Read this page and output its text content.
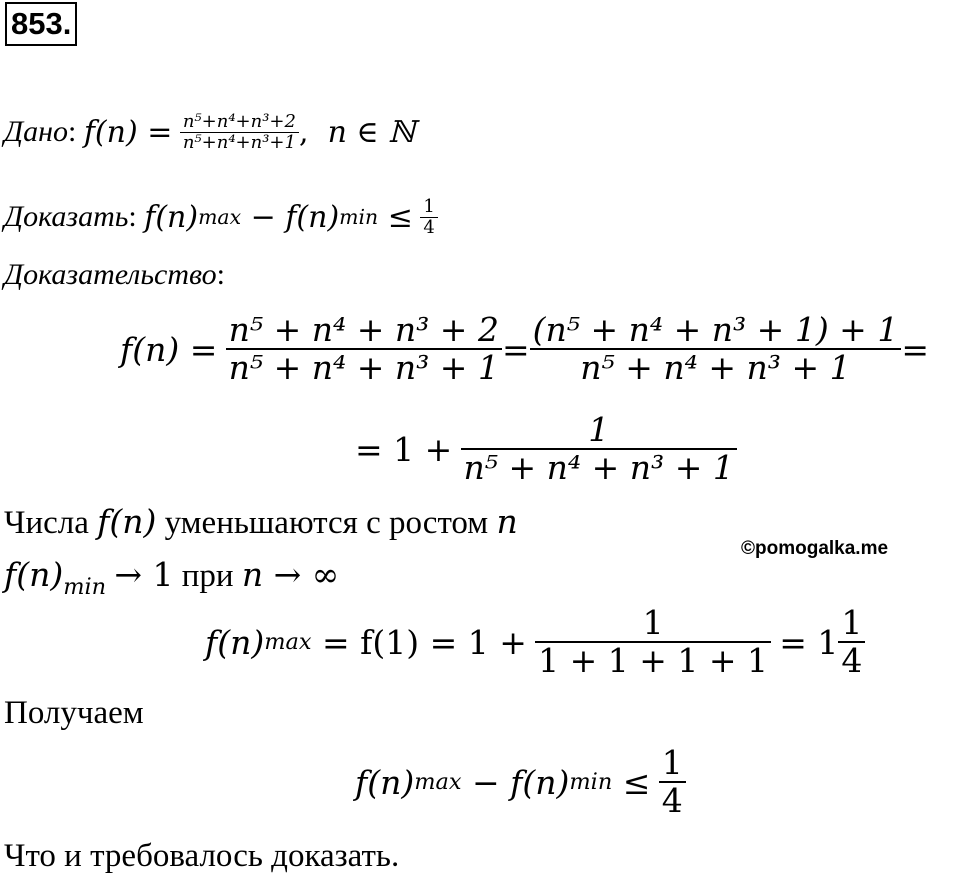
853.
Дано : f(n) =
$\frac{\text{n⁵+n⁴+n³+2}}{\text{n⁵+n⁴+n³+1}}$ , n ∈ ℕ
Доказать : f(n) max
− f(n) min
≤
$\frac{1}{4}$
Доказательство:
f(n) =
$\frac{\text{n⁵ + n⁴ + n³ + 2}}{\text{n⁵ + n⁴ + n³ + 1}} = \frac{\text{(n⁵ + n⁴ + n³ + 1) + 1}}{\text{n⁵ + n⁴ + n³ + 1}}$ =
= 1 +
$\frac{1}{\text{n⁵ + n⁴ + n³ + 1}}$
Числа f(n) уменьшаются с ростом n
©pomogalka.me
$f(n)_{min} \to 1$ при n → ∞
f(n) max
= f(1) = 1 +
$\frac{1}{1 + 1 + 1 + 1}$
= $1 \frac{1}{4}$
Получаем
f(n) max
− f(n) min
≤
$\frac{1}{4}$
Что и требовалось доказать.
